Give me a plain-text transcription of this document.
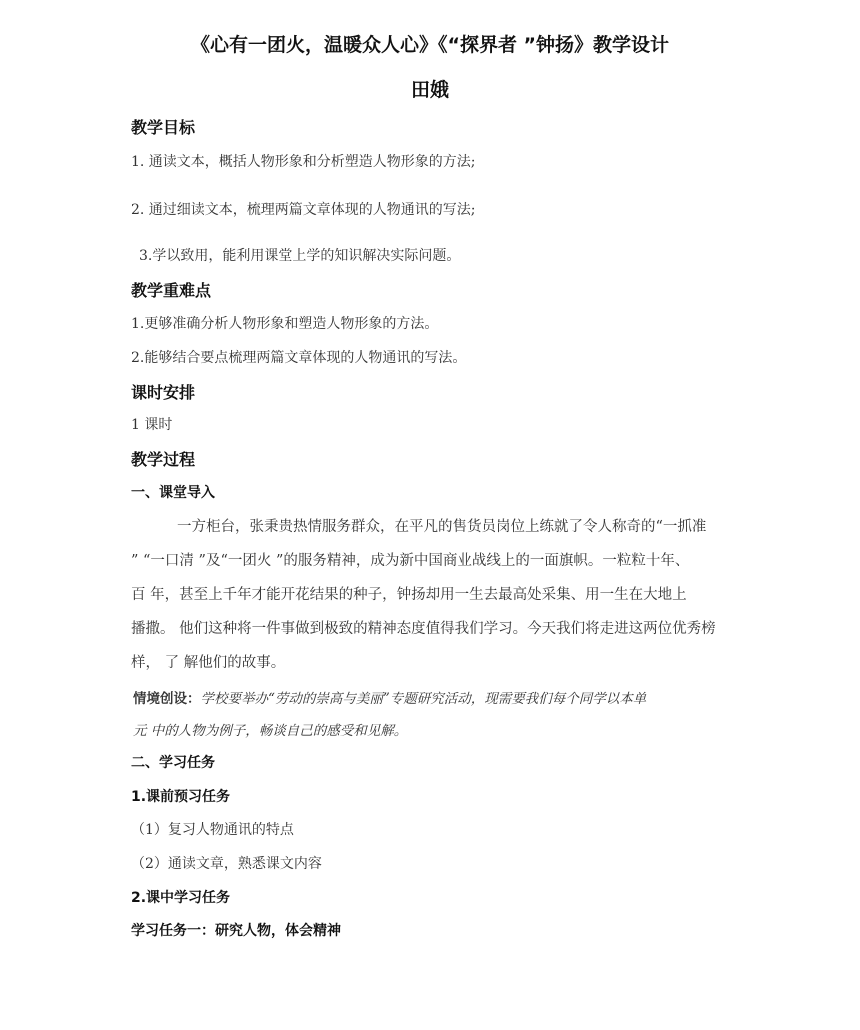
《心有一团火，温暖众人心》《“探界者 ”钟扬》教学设计
田娥
教学目标
1. 通读文本，概括人物形象和分析塑造人物形象的方法;
2. 通过细读文本，梳理两篇文章体现的人物通讯的写法;
3.学以致用，能利用课堂上学的知识解决实际问题。
教学重难点
1.更够准确分析人物形象和塑造人物形象的方法。
2.能够结合要点梳理两篇文章体现的人物通讯的写法。
课时安排
1 课时
教学过程
一、课堂导入
一方柜台，张秉贵热情服务群众，在平凡的售货员岗位上练就了令人称奇的“一抓准
” “一口清 ”及“一团火 ”的服务精神，成为新中国商业战线上的一面旗帜。一粒粒十年、
百 年，甚至上千年才能开花结果的种子，钟扬却用一生去最高处采集、用一生在大地上
播撒。 他们这种将一件事做到极致的精神态度值得我们学习。今天我们将走进这两位优秀榜
样， 了 解他们的故事。
情境创设：学校要举办“劳动的崇高与美丽”专题研究活动，现需要我们每个同学以本单
元 中的人物为例子，畅谈自己的感受和见解。
二、学习任务
1.课前预习任务
（1）复习人物通讯的特点
（2）通读文章，熟悉课文内容
2.课中学习任务
学习任务一：研究人物，体会精神
